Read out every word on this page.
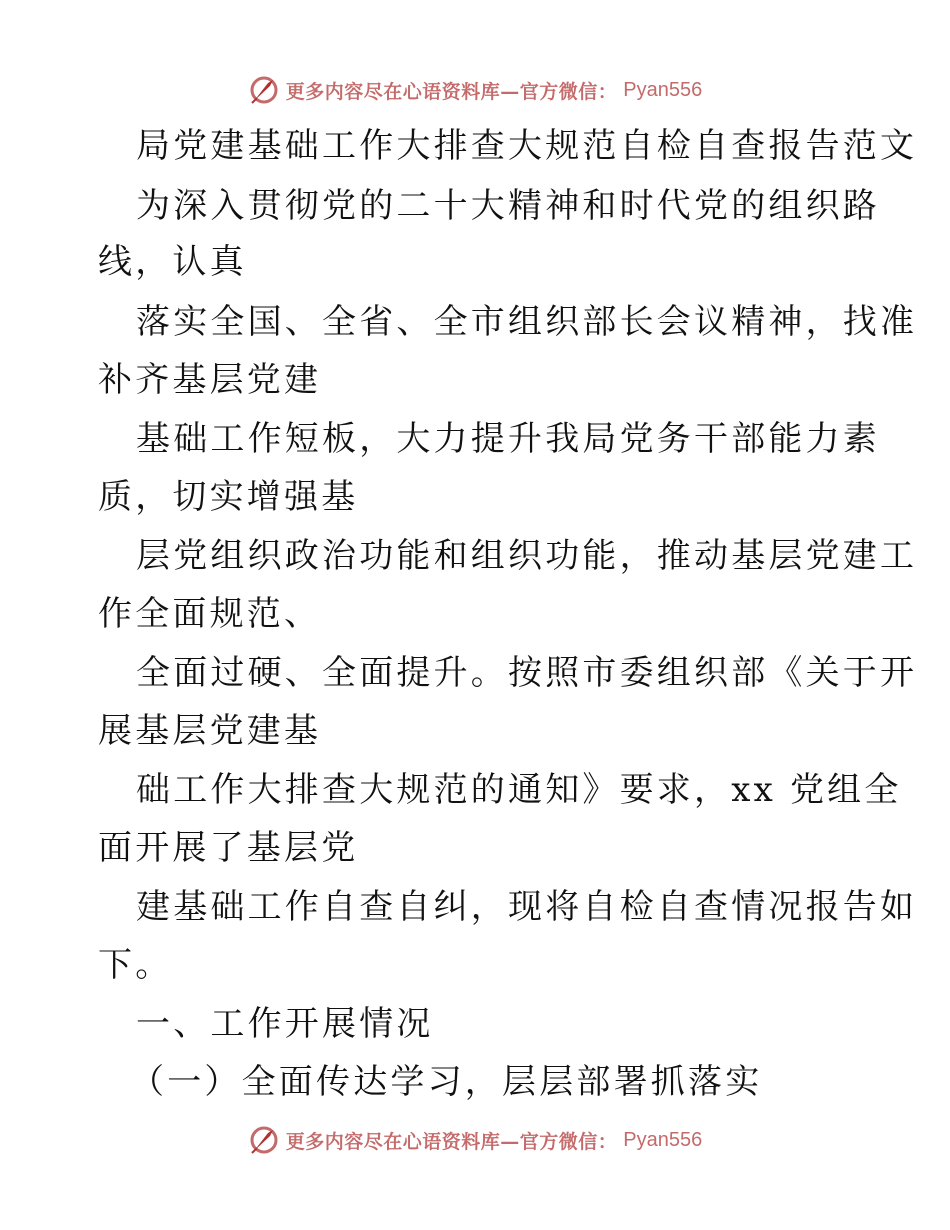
更多内容尽在心语资料库—官方微信： Pyan556
局党建基础工作大排查大规范自检自查报告范文
为深入贯彻党的二十大精神和时代党的组织路
线，认真
落实全国、全省、全市组织部长会议精神，找准
补齐基层党建
基础工作短板，大力提升我局党务干部能力素
质，切实增强基
层党组织政治功能和组织功能，推动基层党建工
作全面规范、
全面过硬、全面提升。按照市委组织部《关于开
展基层党建基
础工作大排查大规范的通知》要求，xx 党组全
面开展了基层党
建基础工作自查自纠，现将自检自查情况报告如
下。
一、工作开展情况
（一）全面传达学习，层层部署抓落实
更多内容尽在心语资料库—官方微信： Pyan556
